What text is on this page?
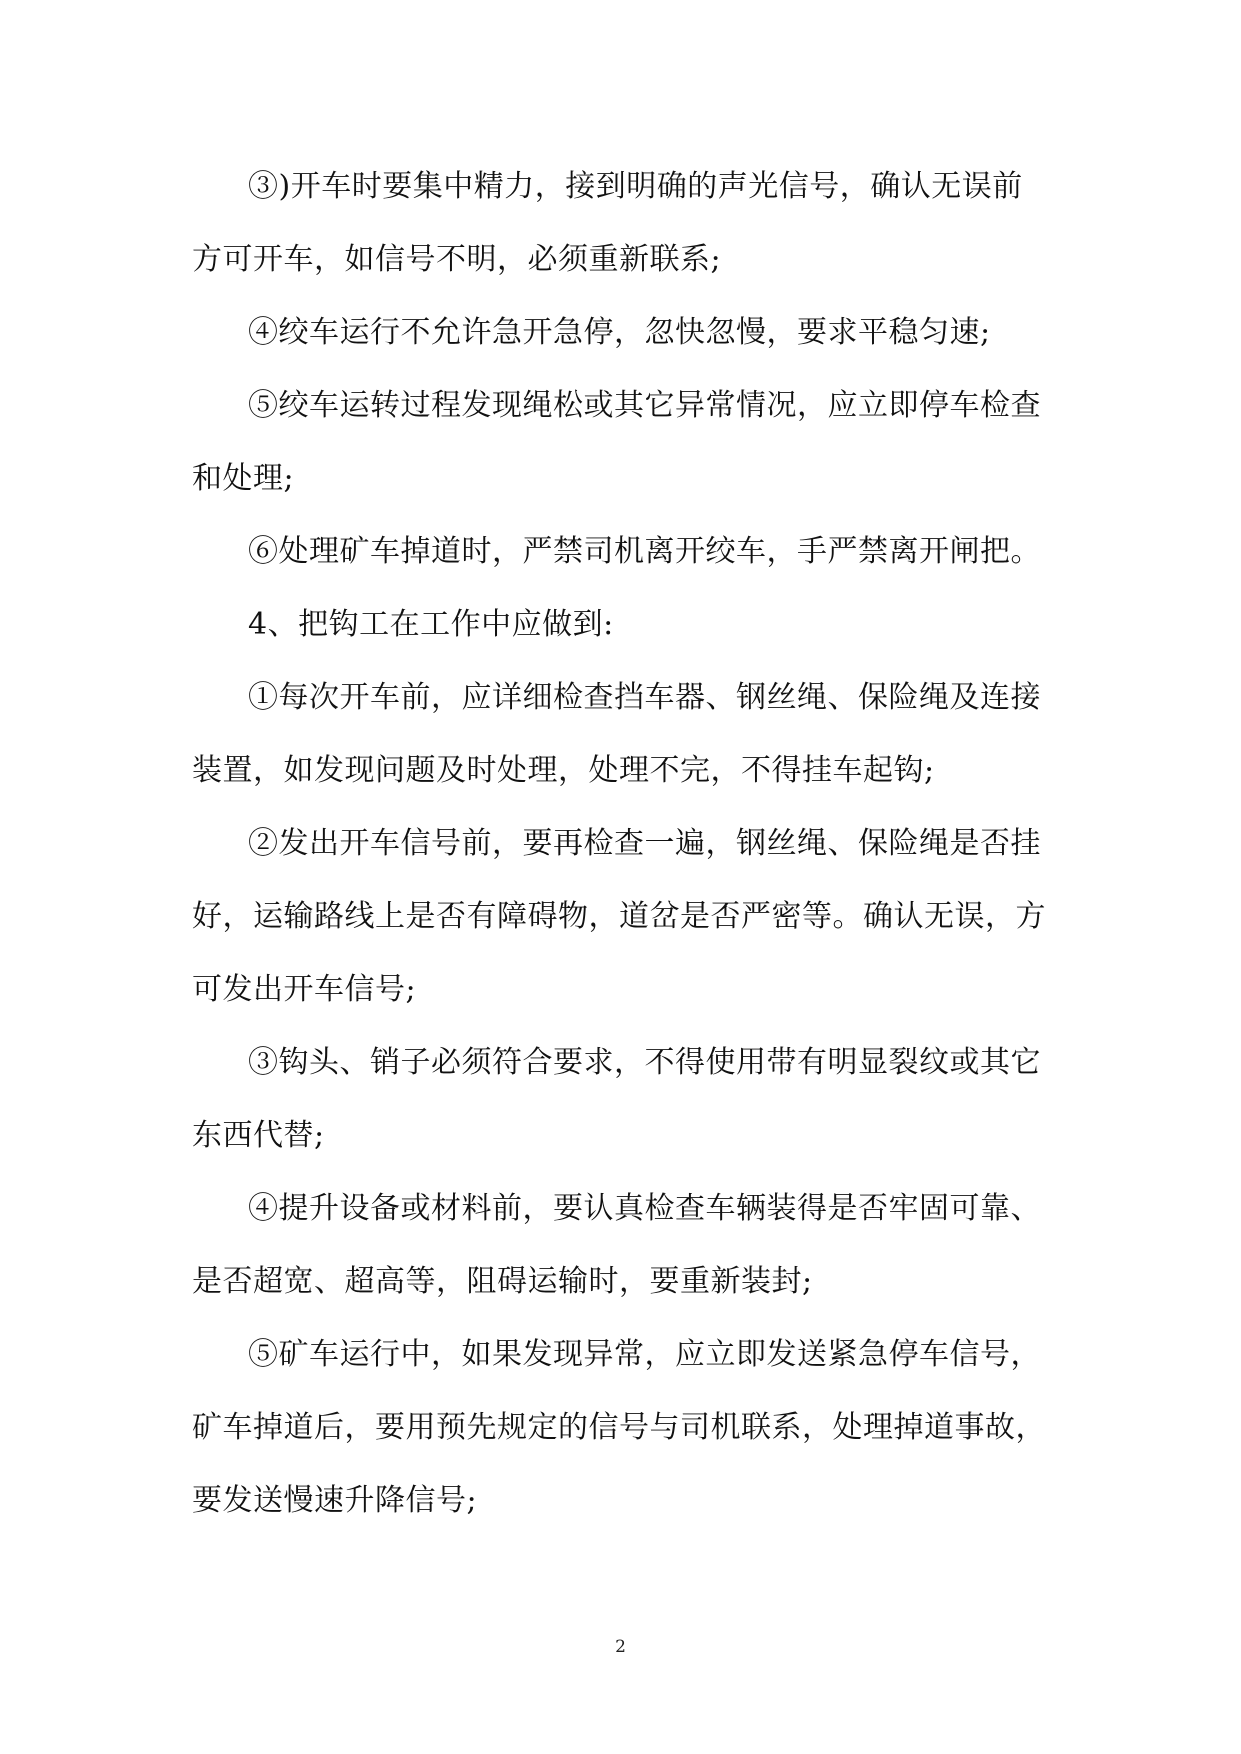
③)开车时要集中精力，接到明确的声光信号，确认无误前方可开车，如信号不明，必须重新联系;

④绞车运行不允许急开急停，忽快忽慢，要求平稳匀速;

⑤绞车运转过程发现绳松或其它异常情况，应立即停车检查和处理;

⑥处理矿车掉道时，严禁司机离开绞车，手严禁离开闸把。

4、把钩工在工作中应做到:

①每次开车前，应详细检查挡车器、钢丝绳、保险绳及连接装置，如发现问题及时处理，处理不完，不得挂车起钩;

②发出开车信号前，要再检查一遍，钢丝绳、保险绳是否挂好，运输路线上是否有障碍物，道岔是否严密等。确认无误，方可发出开车信号;

③钩头、销子必须符合要求，不得使用带有明显裂纹或其它东西代替;

④提升设备或材料前，要认真检查车辆装得是否牢固可靠、是否超宽、超高等，阻碍运输时，要重新装封;

⑤矿车运行中，如果发现异常，应立即发送紧急停车信号，矿车掉道后，要用预先规定的信号与司机联系，处理掉道事故，要发送慢速升降信号;

2
